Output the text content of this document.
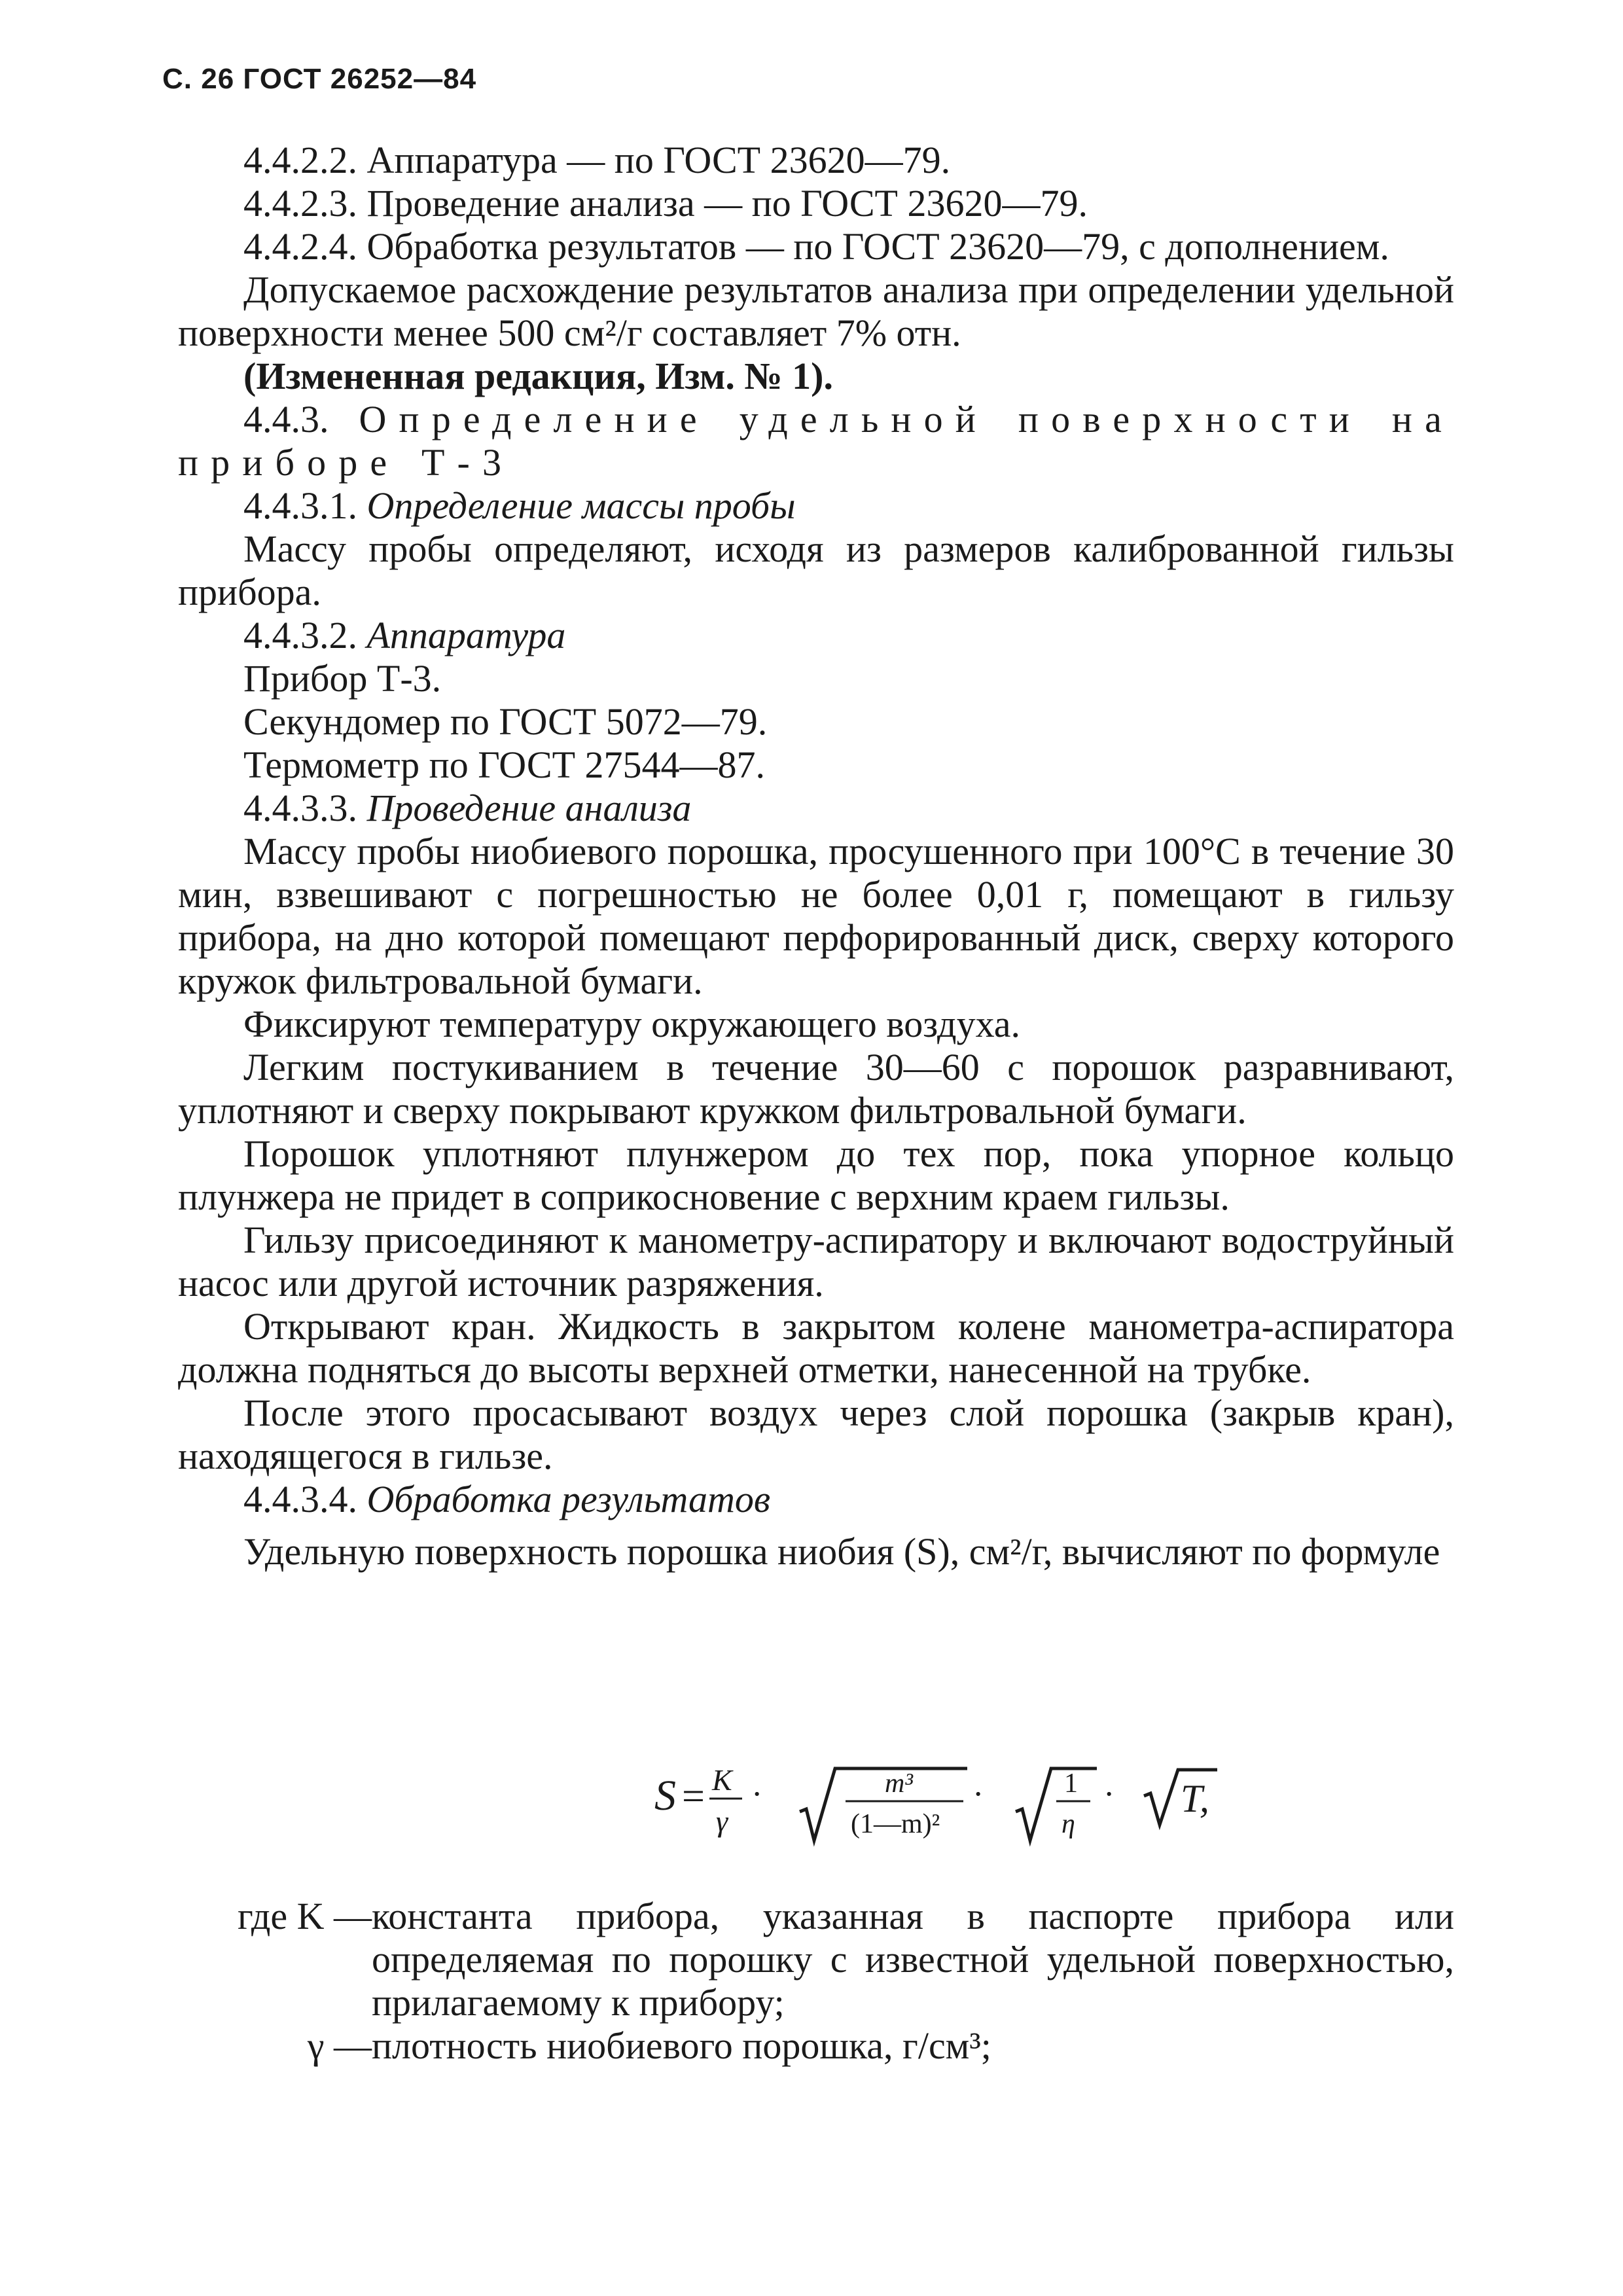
С. 26 ГОСТ 26252—84

4.4.2.2. Аппаратура — по ГОСТ 23620—79.

4.4.2.3. Проведение анализа — по ГОСТ 23620—79.

4.4.2.4. Обработка результатов — по ГОСТ 23620—79, с дополнением.

Допускаемое расхождение результатов анализа при определении удельной поверхности менее 500 см²/г составляет 7% отн.

(Измененная редакция, Изм. № 1).

4.4.3. Определение удельной поверхности на

приборе Т-3

4.4.3.1. Определение массы пробы

Массу пробы определяют, исходя из размеров калиброванной гильзы прибора.

4.4.3.2. Аппаратура

Прибор Т-3.

Секундомер по ГОСТ 5072—79.

Термометр по ГОСТ 27544—87.

4.4.3.3. Проведение анализа

Массу пробы ниобиевого порошка, просушенного при 100°С в течение 30 мин, взвешивают с погрешностью не более 0,01 г, помещают в гильзу прибора, на дно которой помещают перфорированный диск, сверху которого кружок фильтровальной бумаги.

Фиксируют температуру окружающего воздуха.

Легким постукиванием в течение 30—60 с порошок разравнивают, уплотняют и сверху покрывают кружком фильтровальной бумаги.

Порошок уплотняют плунжером до тех пор, пока упорное кольцо плунжера не придет в соприкосновение с верхним краем гильзы.

Гильзу присоединяют к манометру-аспиратору и включают водоструйный насос или другой источник разряжения.

Открывают кран. Жидкость в закрытом колене манометра-аспиратора должна подняться до высоты верхней отметки, нанесенной на трубке.

После этого просасывают воздух через слой порошка (закрыв кран), находящегося в гильзе.

4.4.3.4. Обработка результатов

Удельную поверхность порошка ниобия (S), см²/г, вычисляют по формуле

S = K
γ
·	m³
(1—m)²
·	1
η
· T,
где K — константа прибора, указанная в паспорте прибора или определяемая по порошку с известной удельной поверхностью, прилагаемому к прибору;
γ — плотность ниобиевого порошка, г/см³;
